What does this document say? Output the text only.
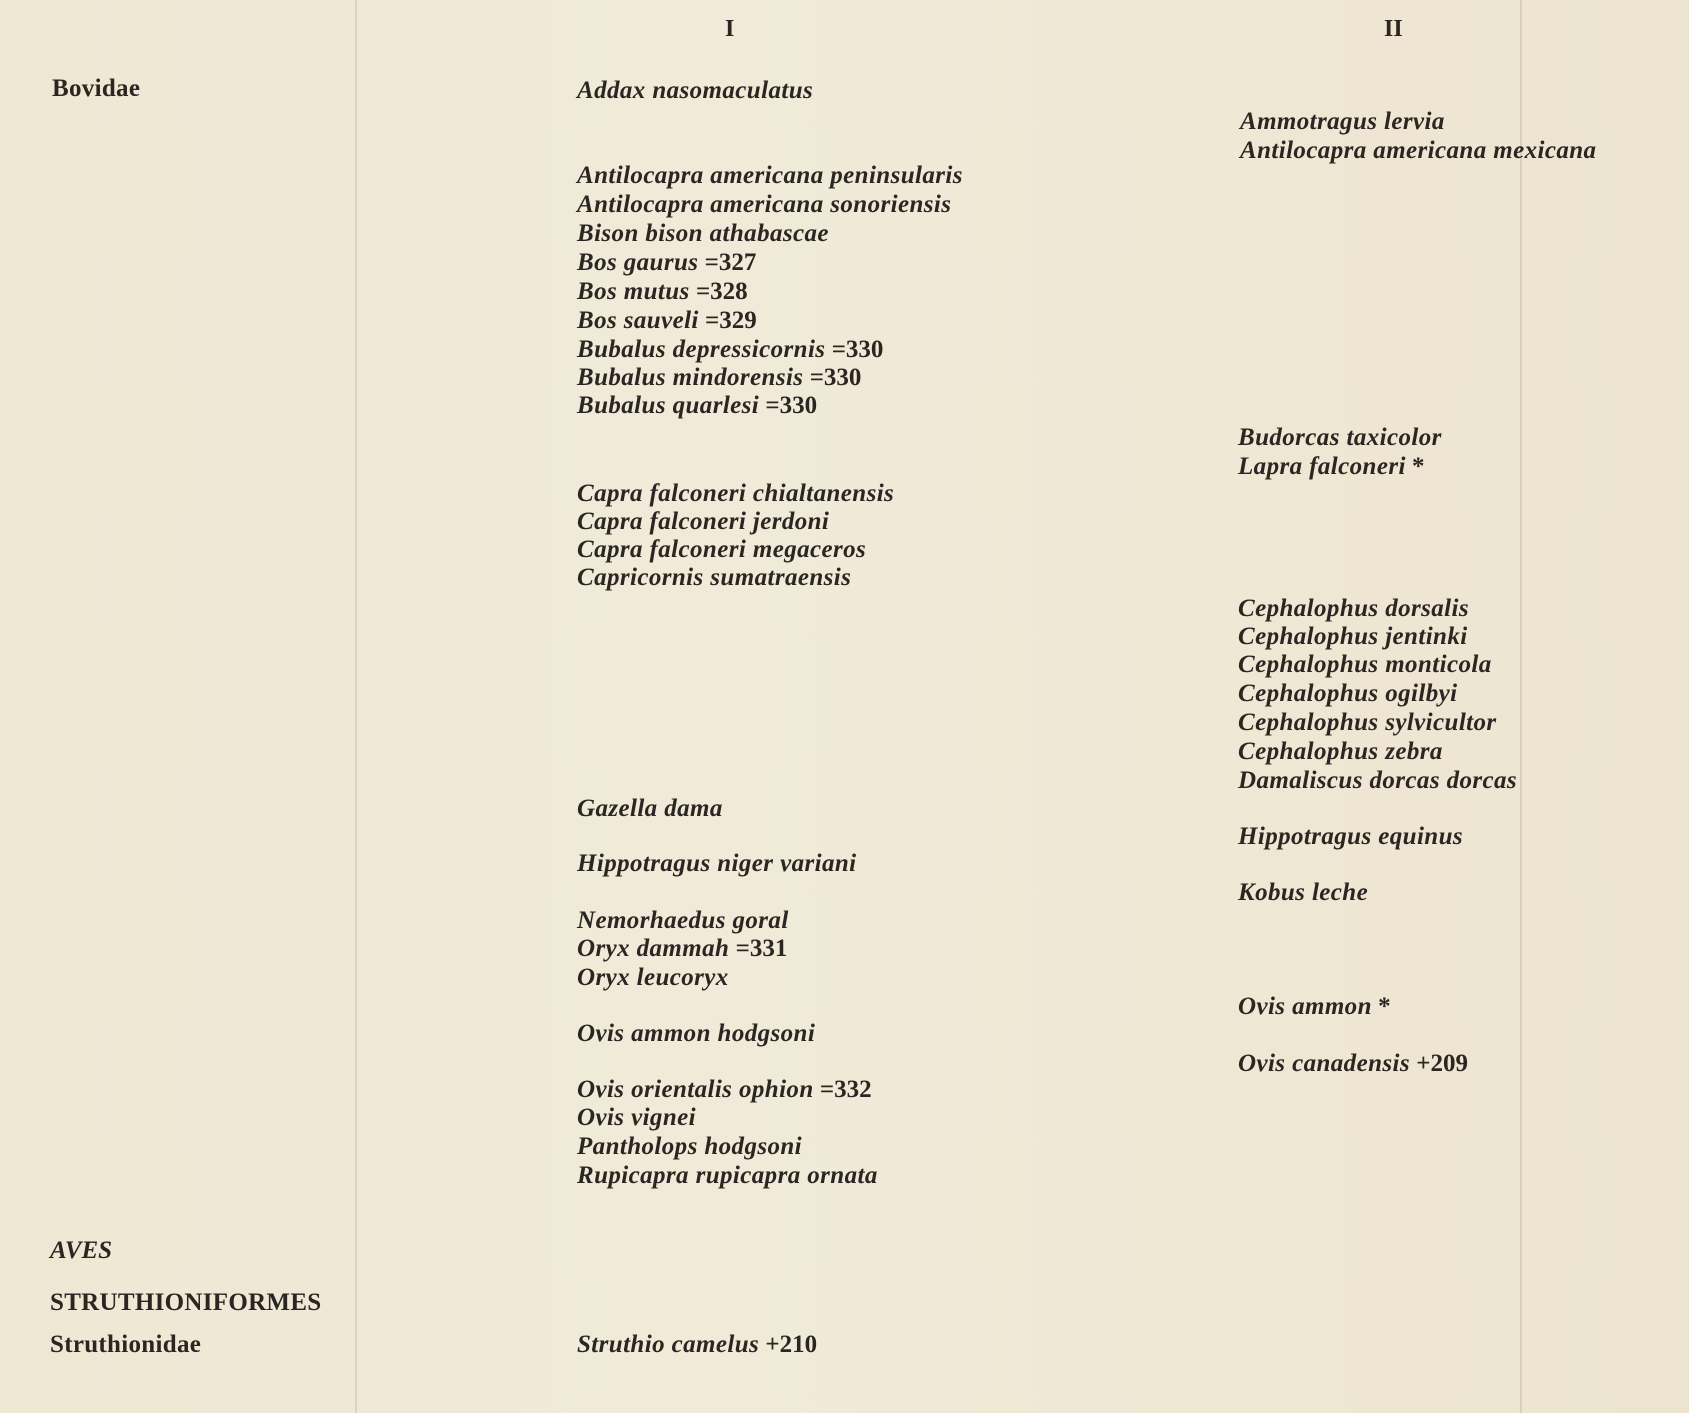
I	II
Bovidae
AVES
STRUTHIONIFORMES
Struthionidae
Addax nasomaculatus
Antilocapra americana peninsularis
Antilocapra americana sonoriensis
Bison bison athabascae
Bos gaurus =327
Bos mutus =328
Bos sauveli =329
Bubalus depressicornis =330
Bubalus mindorensis =330
Bubalus quarlesi =330
Capra falconeri chialtanensis
Capra falconeri jerdoni
Capra falconeri megaceros
Capricornis sumatraensis
Gazella dama
Hippotragus niger variani
Nemorhaedus goral
Oryx dammah =331
Oryx leucoryx
Ovis ammon hodgsoni
Ovis orientalis ophion =332
Ovis vignei
Pantholops hodgsoni
Rupicapra rupicapra ornata
Struthio camelus +210
Ammotragus lervia
Antilocapra americana mexicana
Budorcas taxicolor
Lapra falconeri *
Cephalophus dorsalis
Cephalophus jentinki
Cephalophus monticola
Cephalophus ogilbyi
Cephalophus sylvicultor
Cephalophus zebra
Damaliscus dorcas dorcas
Hippotragus equinus
Kobus leche
Ovis ammon *
Ovis canadensis +209
